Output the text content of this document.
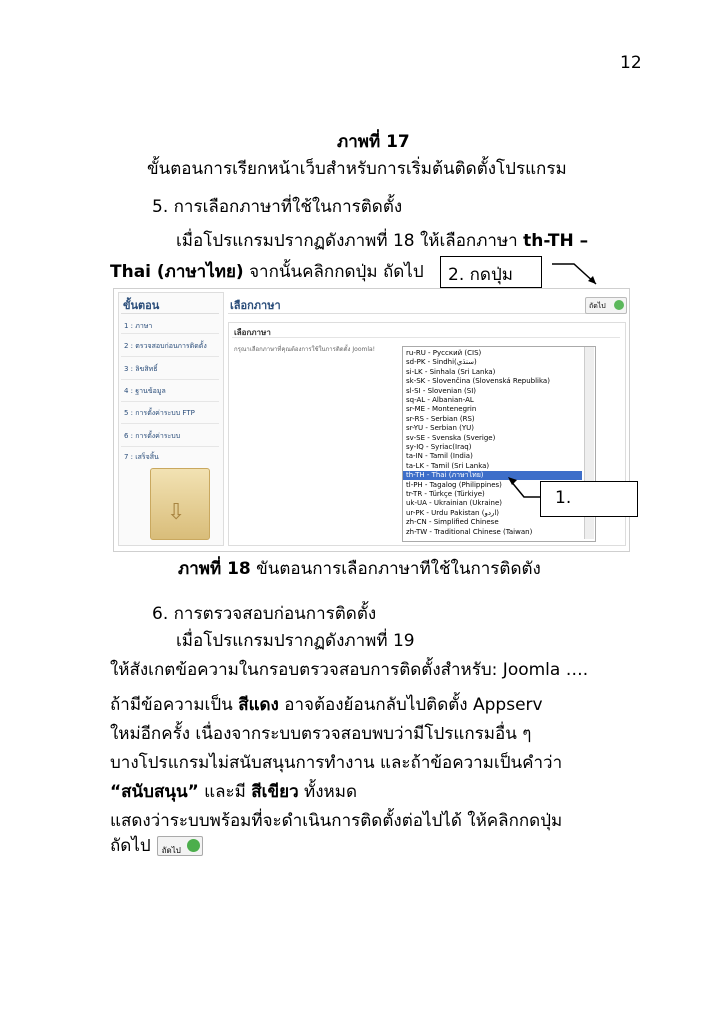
12
ภาพที่ 17
ขั้นตอนการเรียกหน้าเว็บสำหรับการเริ่มต้นติดตั้งโปรแกรม
5. การเลือกภาษาที่ใช้ในการติดตั้ง
เมื่อโปรแกรมปรากฏดังภาพที่ 18 ให้เลือกภาษา th-TH –
Thai (ภาษาไทย) จากนั้นคลิกกดปุ่ม ถัดไป
ขั้นตอน
1 : ภาษา
2 : ตรวจสอบก่อนการติดตั้ง
3 : ลิขสิทธิ์
4 : ฐานข้อมูล
5 : การตั้งค่าระบบ FTP
6 : การตั้งค่าระบบ
7 : เสร็จสิ้น
⇩
เลือกภาษา	ถัดไป
เลือกภาษา
กรุณาเลือกภาษาที่คุณต้องการใช้ในการติดตั้ง Joomla!	ru-RU - Русский (CIS)
sd-PK - Sindhi(سنڌي)
si-LK - Sinhala (Sri Lanka)
sk-SK - Slovenčina (Slovenská Republika)
sl-SI - Slovenian (SI)
sq-AL - Albanian-AL
sr-ME - Montenegrin
sr-RS - Serbian (RS)
sr-YU - Serbian (YU)
sv-SE - Svenska (Sverige)
sy-IQ - Syriac(Iraq)
ta-IN - Tamil (India)
ta-LK - Tamil (Sri Lanka)
th-TH - Thai (ภาษาไทย)
tl-PH - Tagalog (Philippines)
tr-TR - Türkçe (Türkiye)
uk-UA - Ukrainian (Ukraine)
ur-PK - Urdu Pakistan (اردو)
zh-CN - Simplified Chinese
zh-TW - Traditional Chinese (Taiwan)
2. กดปุ่ม
1.
ภาพที่ 18 ขันตอนการเลือกภาษาทีใช้ในการติดตัง
6. การตรวจสอบก่อนการติดตั้ง
เมื่อโปรแกรมปรากฏดังภาพที่ 19
ให้สังเกตข้อความในกรอบตรวจสอบการติดตั้งสำหรับ: Joomla ….
ถ้ามีข้อความเป็น สีแดง อาจต้องย้อนกลับไปติดตั้ง Appserv
ใหม่อีกครั้ง เนื่องจากระบบตรวจสอบพบว่ามีโปรแกรมอื่น ๆ
บางโปรแกรมไม่สนับสนุนการทำงาน และถ้าข้อความเป็นคำว่า
“สนับสนุน” และมี สีเขียว ทั้งหมด
แสดงว่าระบบพร้อมที่จะดำเนินการติดตั้งต่อไปได้ ให้คลิกกดปุ่ม
ถัดไป ถัดไป
